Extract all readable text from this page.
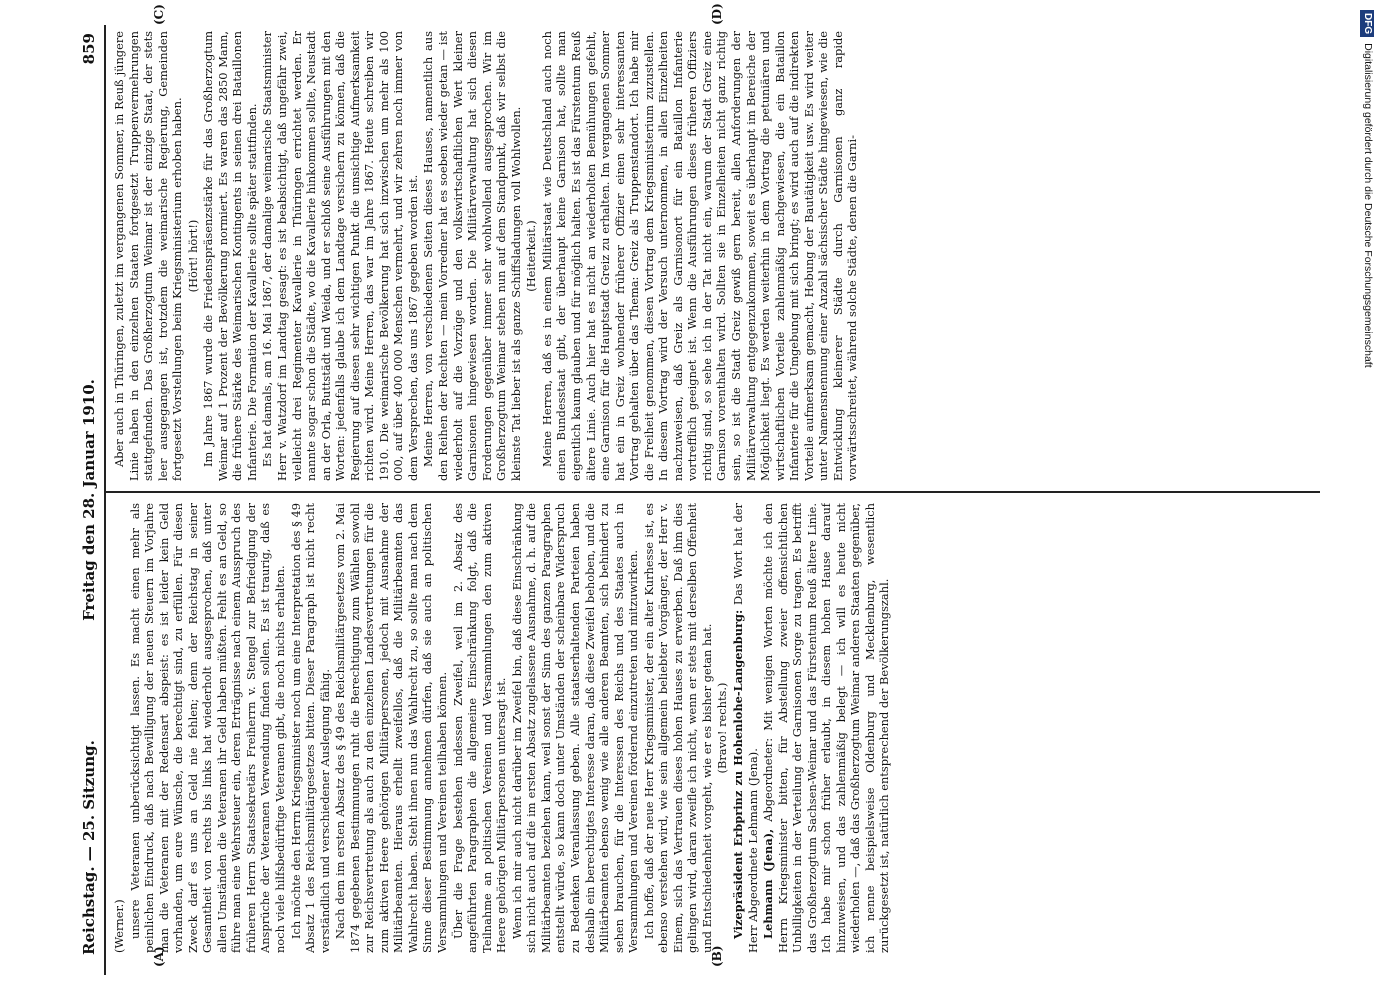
Reichstag. — 25. Sitzung.
Freitag den 28. Januar 1910.
859
(A)	(B)
(C)	(D)

(Werner.) unsere Veteranen unberücksichtigt lassen. Es macht einen mehr als peinlichen Eindruck, daß nach Bewilligung der neuen Steuern im Vorjahre man die Veteranen mit der Redensart abspeist: es ist leider kein Geld vorhanden, um eure Wünsche, die berechtigt sind, zu erfüllen. Für diesen Zweck darf es uns an Geld nie fehlen; denn der Reichstag in seiner Gesamtheit von rechts bis links hat wiederholt ausgesprochen, daß unter allen Umständen die Veteranen ihr Geld haben müßten. Fehlt es an Geld, so führe man eine Wehrsteuer ein, deren Erträgnisse nach einem Ausspruch des früheren Herrn Staatssekretärs Freiherrn v. Stengel zur Befriedigung der Ansprüche der Veteranen Verwendung finden sollen. Es ist traurig, daß es noch viele hilfsbedürftige Veteranen gibt, die noch nichts erhalten. Ich möchte den Herrn Kriegsminister noch um eine Interpretation des § 49 Absatz 1 des Reichsmilitärgesetzes bitten. Dieser Paragraph ist nicht recht verständlich und verschiedener Auslegung fähig. Nach dem im ersten Absatz des § 49 des Reichsmilitärgesetzes vom 2. Mai 1874 gegebenen Bestimmungen ruht die Berechtigung zum Wählen sowohl zur Reichsvertretung als auch zu den einzelnen Landesvertretungen für die zum aktiven Heere gehörigen Militärpersonen, jedoch mit Ausnahme der Militärbeamten. Hieraus erhellt zweifellos, daß die Militärbeamten das Wahlrecht haben. Steht ihnen nun das Wahlrecht zu, so sollte man nach dem Sinne dieser Bestimmung annehmen dürfen, daß sie auch an politischen Versammlungen und Vereinen teilhaben können. Über die Frage bestehen indessen Zweifel, weil im 2. Absatz des angeführten Paragraphen die allgemeine Einschränkung folgt, daß die Teilnahme an politischen Vereinen und Versammlungen den zum aktiven Heere gehörigen Militärpersonen untersagt ist. Wenn ich mir auch nicht darüber im Zweifel bin, daß diese Einschränkung sich nicht auch auf die im ersten Absatz zugelassene Ausnahme, d. h. auf die Militärbeamten beziehen kann, weil sonst der Sinn des ganzen Paragraphen entstellt würde, so kann doch unter Umständen der scheinbare Widerspruch zu Bedenken Veranlassung geben. Alle staatserhaltenden Parteien haben deshalb ein berechtigtes Interesse daran, daß diese Zweifel behoben, und die Militärbeamten ebenso wenig wie alle anderen Beamten, sich behindert zu sehen brauchen, für die Interessen des Reichs und des Staates auch in Versammlungen und Vereinen fördernd einzutreten und mitzuwirken. Ich hoffe, daß der neue Herr Kriegsminister, der ein alter Kurhesse ist, es ebenso verstehen wird, wie sein allgemein beliebter Vorgänger, der Herr v. Einem, sich das Vertrauen dieses hohen Hauses zu erwerben. Daß ihm dies gelingen wird, daran zweifle ich nicht, wenn er stets mit derselben Offenheit und Entschiedenheit vorgeht, wie er es bisher getan hat. (Bravo! rechts.) Vizepräsident Erbprinz zu Hohenlohe-Langenburg: Das Wort hat der Herr Abgeordnete Lehmann (Jena). Lehmann (Jena), Abgeordneter: Mit wenigen Worten möchte ich den Herrn Kriegsminister bitten, für Abstellung zweier offensichtlichen Unbilligkeiten in der Verteilung der Garnisonen Sorge zu tragen. Es betrifft das Großherzogtum Sachsen-Weimar und das Fürstentum Reuß ältere Linie. Ich habe mir schon früher erlaubt, in diesem hohen Hause darauf hinzuweisen, und das zahlenmäßig belegt — ich will es heute nicht wiederholen —, daß das Großherzogtum Weimar anderen Staaten gegenüber, ich nenne beispielsweise Oldenburg und Mecklenburg, wesentlich zurückgesetzt ist, natürlich entsprechend der Bevölkerungszahl.

Aber auch in Thüringen, zuletzt im vergangenen Sommer, in Reuß jüngere Linie haben in den einzelnen Staaten fortgesetzt Truppenvermehrungen stattgefunden. Das Großherzogtum Weimar ist der einzige Staat, der stets leer ausgegangen ist, trotzdem die weimarische Regierung, Gemeinden fortgesetzt Vorstellungen beim Kriegsministerium erhoben haben. (Hört! hört!) Im Jahre 1867 wurde die Friedenspräsenzstärke für das Großherzogtum Weimar auf 1 Prozent der Bevölkerung normiert. Es waren das 2850 Mann, die frühere Stärke des Weimarischen Kontingents in seinen drei Bataillonen Infanterie. Die Formation der Kavallerie sollte später stattfinden. Es hat damals, am 16. Mai 1867, der damalige weimarische Staatsminister Herr v. Watzdorf im Landtag gesagt: es ist beabsichtigt, daß ungefähr zwei, vielleicht drei Regimenter Kavallerie in Thüringen errichtet werden. Er nannte sogar schon die Städte, wo die Kavallerie hinkommen sollte, Neustadt an der Orla, Buttstädt und Weida, und er schloß seine Ausführungen mit den Worten: jedenfalls glaube ich dem Landtage versichern zu können, daß die Regierung auf diesen sehr wichtigen Punkt die umsichtige Aufmerksamkeit richten wird. Meine Herren, das war im Jahre 1867. Heute schreiben wir 1910. Die weimarische Bevölkerung hat sich inzwischen um mehr als 100 000, auf über 400 000 Menschen vermehrt, und wir zehren noch immer von dem Versprechen, das uns 1867 gegeben worden ist. Meine Herren, von verschiedenen Seiten dieses Hauses, namentlich aus den Reihen der Rechten — mein Vorredner hat es soeben wieder getan — ist wiederholt auf die Vorzüge und den volkswirtschaftlichen Wert kleiner Garnisonen hingewiesen worden. Die Militärverwaltung hat sich diesen Forderungen gegenüber immer sehr wohlwollend ausgesprochen. Wir im Großherzogtum Weimar stehen nun auf dem Standpunkt, daß wir selbst die kleinste Tat lieber ist als ganze Schiffsladungen voll Wohlwollen. (Heiterkeit.) Meine Herren, daß es in einem Militärstaat wie Deutschland auch noch einen Bundesstaat gibt, der überhaupt keine Garnison hat, sollte man eigentlich kaum glauben und für möglich halten. Es ist das Fürstentum Reuß ältere Linie. Auch hier hat es nicht an wiederholten Bemühungen gefehlt, eine Garnison für die Hauptstadt Greiz zu erhalten. Im vergangenen Sommer hat ein in Greiz wohnender früherer Offizier einen sehr interessanten Vortrag gehalten über das Thema: Greiz als Truppenstandort. Ich habe mir die Freiheit genommen, diesen Vortrag dem Kriegsministerium zuzustellen. In diesem Vortrag wird der Versuch unternommen, in allen Einzelheiten nachzuweisen, daß Greiz als Garnisonort für ein Bataillon Infanterie vortrefflich geeignet ist. Wenn die Ausführungen dieses früheren Offiziers richtig sind, so sehe ich in der Tat nicht ein, warum der Stadt Greiz eine Garnison vorenthalten wird. Sollten sie in Einzelheiten nicht ganz richtig sein, so ist die Stadt Greiz gewiß gern bereit, allen Anforderungen der Militärverwaltung entgegenzukommen, soweit es überhaupt im Bereiche der Möglichkeit liegt. Es werden weiterhin in dem Vortrag die petuniären und wirtschaftlichen Vorteile zahlenmäßig nachgewiesen, die ein Bataillon Infanterie für die Umgebung mit sich bringt; es wird auch auf die indirekten Vorteile aufmerksam gemacht, Hebung der Bautätigkeit usw. Es wird weiter unter Namensnennung einer Anzahl sächsischer Städte hingewiesen, wie die Entwicklung kleinerer Städte durch Garnisonen ganz rapide vorwärtsschreitet, während solche Städte, denen die Garni-

DFGDigitalisierung gefördert durch die Deutsche Forschungsgemeinschaft
